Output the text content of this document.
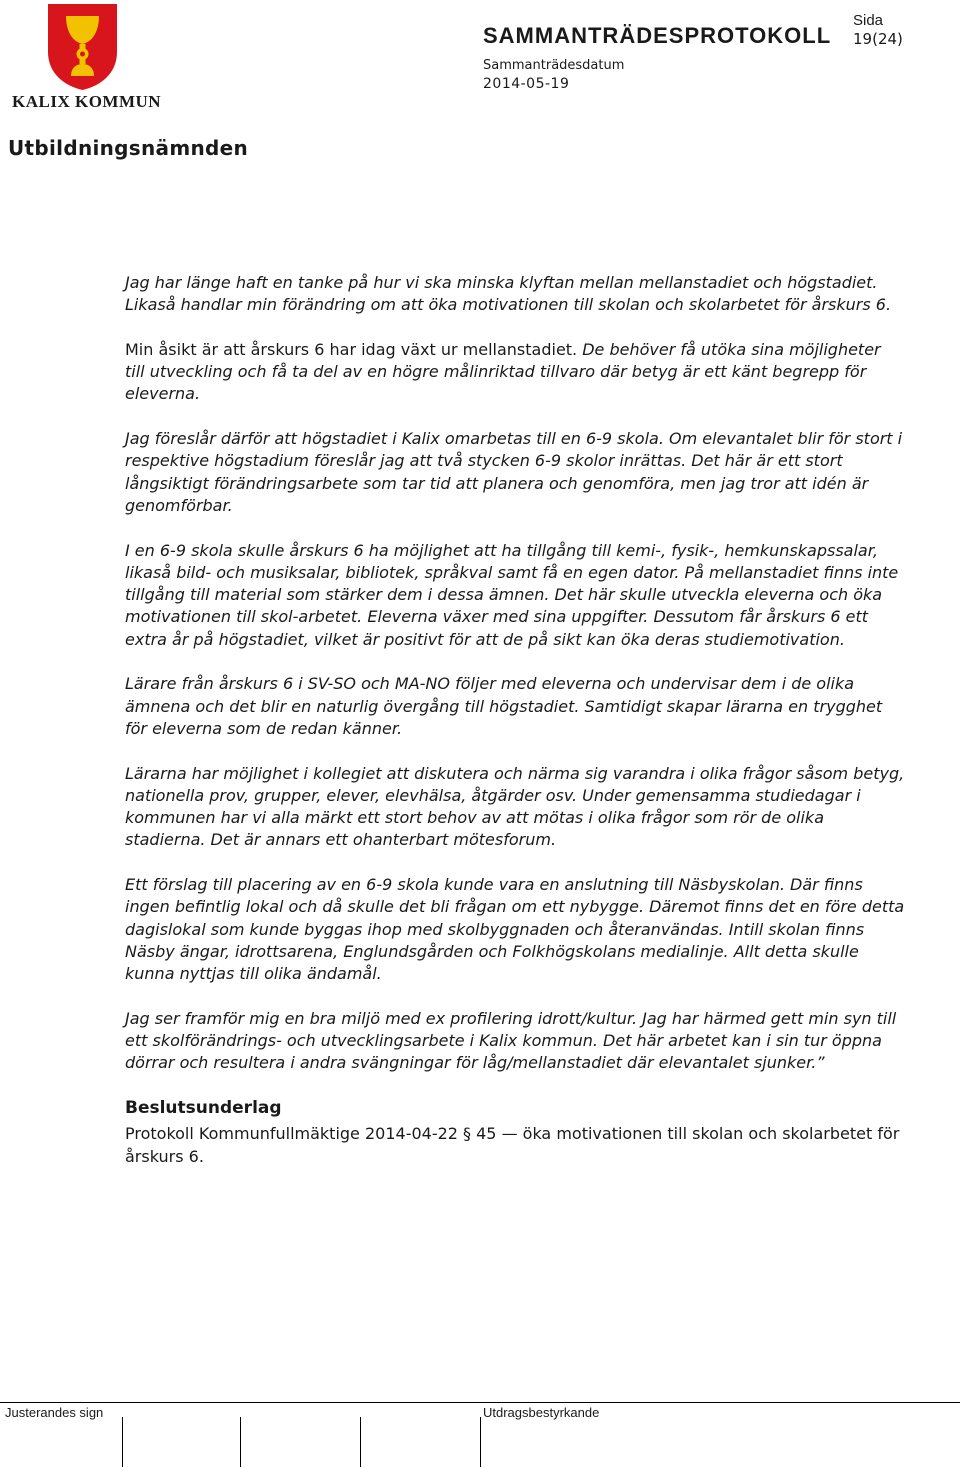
KALIX KOMMUN
SAMMANTRÄDESPROTOKOLL
Sida
19(24)
Sammanträdesdatum
2014-05-19
Utbildningsnämnden

Jag har länge haft en tanke på hur vi ska minska klyftan mellan mellanstadiet och högstadiet. Likaså handlar min förändring om att öka motivationen till skolan och skolarbetet för årskurs 6.

Min åsikt är att årskurs 6 har idag växt ur mellanstadiet. De behöver få utöka sina möjligheter till utveckling och få ta del av en högre målinriktad tillvaro där betyg är ett känt begrepp för eleverna.

Jag föreslår därför att högstadiet i Kalix omarbetas till en 6-9 skola. Om elevantalet blir för stort i respektive högstadium föreslår jag att två stycken 6-9 skolor inrättas. Det här är ett stort långsiktigt förändringsarbete som tar tid att planera och genomföra, men jag tror att idén är genomförbar.

I en 6-9 skola skulle årskurs 6 ha möjlighet att ha tillgång till kemi-, fysik-, hemkunskapssalar, likaså bild- och musiksalar, bibliotek, språkval samt få en egen dator. På mellanstadiet finns inte tillgång till material som stärker dem i dessa ämnen. Det här skulle utveckla eleverna och öka motivationen till skol-arbetet. Eleverna växer med sina uppgifter. Dessutom får årskurs 6 ett extra år på högstadiet, vilket är positivt för att de på sikt kan öka deras studiemotivation.

Lärare från årskurs 6 i SV-SO och MA-NO följer med eleverna och undervisar dem i de olika ämnena och det blir en naturlig övergång till högstadiet. Samtidigt skapar lärarna en trygghet för eleverna som de redan känner.

Lärarna har möjlighet i kollegiet att diskutera och närma sig varandra i olika frågor såsom betyg, nationella prov, grupper, elever, elevhälsa, åtgärder osv. Under gemensamma studiedagar i kommunen har vi alla märkt ett stort behov av att mötas i olika frågor som rör de olika stadierna. Det är annars ett ohanterbart mötesforum.

Ett förslag till placering av en 6-9 skola kunde vara en anslutning till Näsbyskolan. Där finns ingen befintlig lokal och då skulle det bli frågan om ett nybygge. Däremot finns det en före detta dagislokal som kunde byggas ihop med skolbyggnaden och återanvändas. Intill skolan finns Näsby ängar, idrottsarena, Englundsgården och Folkhögskolans medialinje. Allt detta skulle kunna nyttjas till olika ändamål.

Jag ser framför mig en bra miljö med ex profilering idrott/kultur. Jag har härmed gett min syn till ett skolförändrings- och utvecklingsarbete i Kalix kommun. Det här arbetet kan i sin tur öppna dörrar och resultera i andra svängningar för låg/mellanstadiet där elevantalet sjunker.”

Beslutsunderlag

Protokoll Kommunfullmäktige 2014-04-22 § 45 — öka motivationen till skolan och skolarbetet för årskurs 6.

Justerandes sign	Utdragsbestyrkande
